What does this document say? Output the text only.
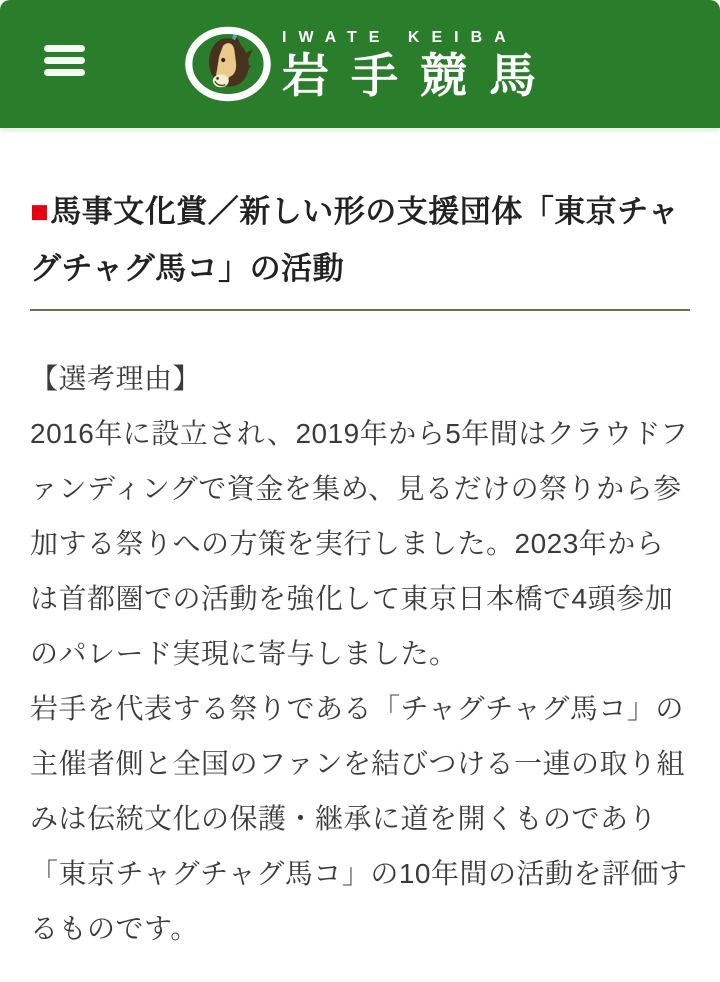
IWATE KEIBA
岩手競馬
■馬事文化賞／新しい形の支援団体「東京チャグチャグ馬コ」の活動

【選考理由】

2016年に設立され、2019年から5年間はクラウドファンディングで資金を集め、見るだけの祭りから参加する祭りへの方策を実行しました。2023年からは首都圏での活動を強化して東京日本橋で4頭参加のパレード実現に寄与しました。

岩手を代表する祭りである「チャグチャグ馬コ」の主催者側と全国のファンを結びつける一連の取り組みは伝統文化の保護・継承に道を開くものであり「東京チャグチャグ馬コ」の10年間の活動を評価するものです。
